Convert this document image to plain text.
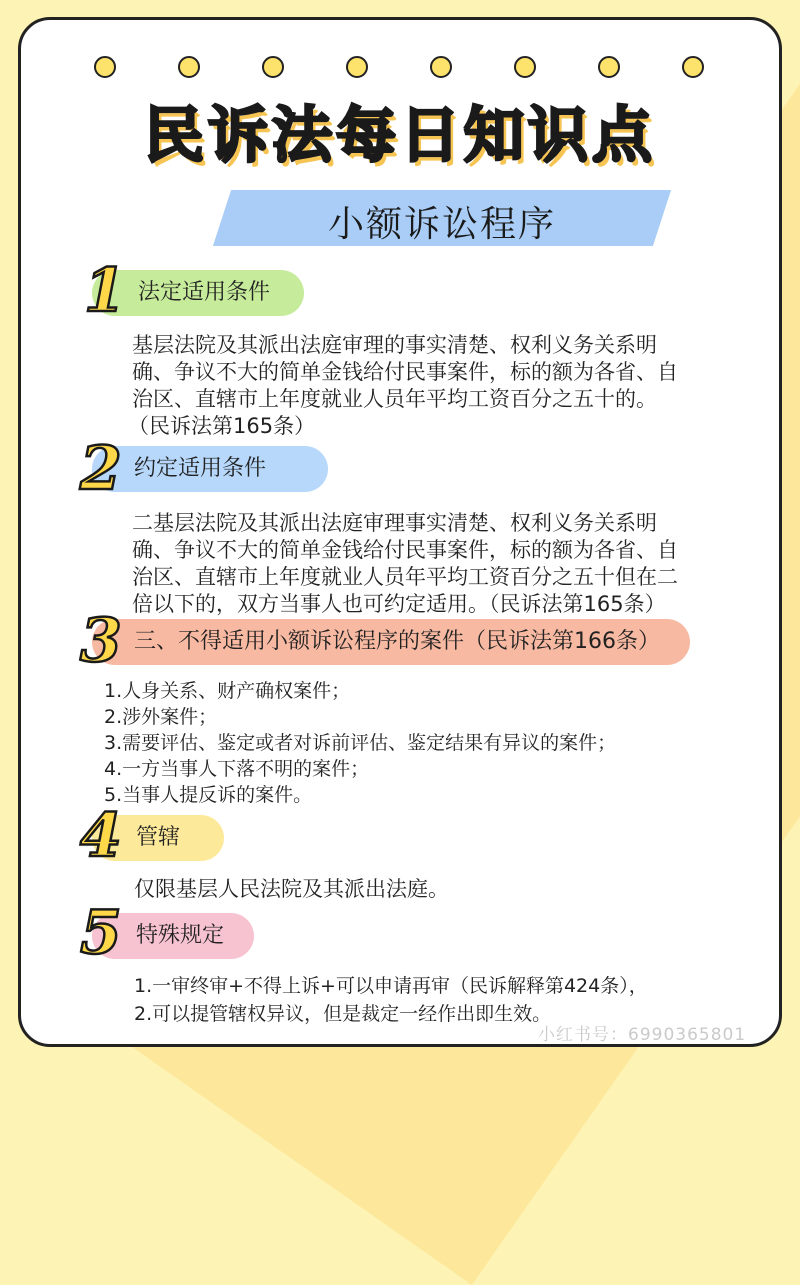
民诉法每日知识点
小额诉讼程序
法定适用条件
1
基层法院及其派出法庭审理的事实清楚、权利义务关系明
确、争议不大的简单金钱给付民事案件，标的额为各省、自
治区、直辖市上年度就业人员年平均工资百分之五十的。
（民诉法第165条）
约定适用条件
2
二基层法院及其派出法庭审理事实清楚、权利义务关系明
确、争议不大的简单金钱给付民事案件，标的额为各省、自
治区、直辖市上年度就业人员年平均工资百分之五十但在二
倍以下的，双方当事人也可约定适用。（民诉法第165条）
三、不得适用小额诉讼程序的案件（民诉法第166条）
3
1.人身关系、财产确权案件；
2.涉外案件；
3.需要评估、鉴定或者对诉前评估、鉴定结果有异议的案件；
4.一方当事人下落不明的案件；
5.当事人提反诉的案件。
管辖
4
仅限基层人民法院及其派出法庭。
特殊规定
5
1.一审终审+不得上诉+可以申请再审（民诉解释第424条），
2.可以提管辖权异议，但是裁定一经作出即生效。
小红书号：6990365801
